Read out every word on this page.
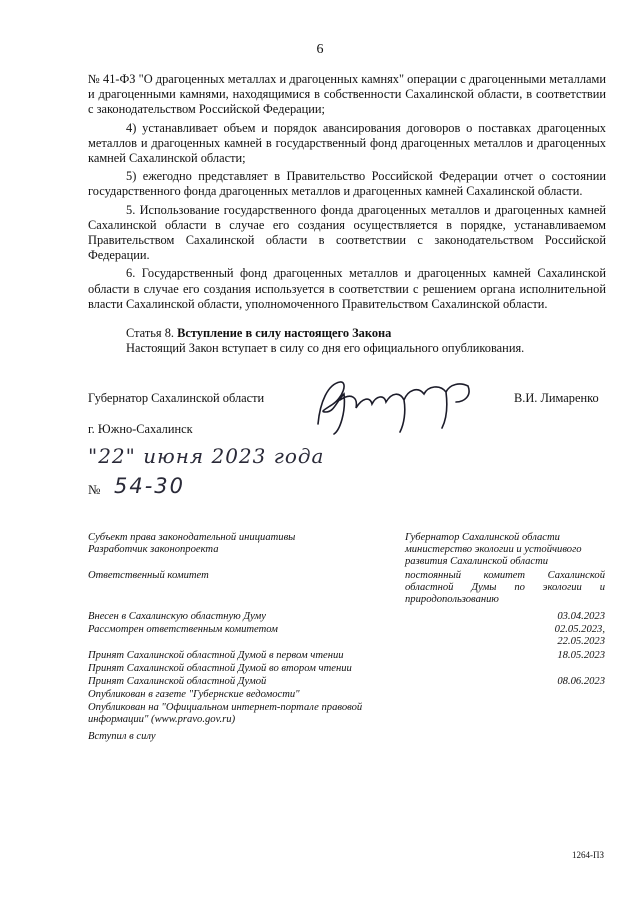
6

№ 41-ФЗ "О драгоценных металлах и драгоценных камнях" операции с драгоценными металлами и драгоценными камнями, находящимися в собственности Сахалинской области, в соответствии с законодательством Российской Федерации;

4) устанавливает объем и порядок авансирования договоров о поставках драгоценных металлов и драгоценных камней в государственный фонд драгоценных металлов и драгоценных камней Сахалинской области;

5) ежегодно представляет в Правительство Российской Федерации отчет о состоянии государственного фонда драгоценных металлов и драгоценных камней Сахалинской области.

5. Использование государственного фонда драгоценных металлов и драгоценных камней Сахалинской области в случае его создания осуществляется в порядке, устанавливаемом Правительством Сахалинской области в соответствии с законодательством Российской Федерации.

6. Государственный фонд драгоценных металлов и драгоценных камней Сахалинской области в случае его создания используется в соответствии с решением органа исполнительной власти Сахалинской области, уполномоченного Правительством Сахалинской области.

Статья 8. Вступление в силу настоящего Закона

Настоящий Закон вступает в силу со дня его официального опубликования.

Губернатор Сахалинской области	В.И. Лимаренко
г. Южно-Сахалинск
"22" июня 2023 года
№ 54-30
Субъект права законодательной инициативы	Губернатор Сахалинской области
Разработчик законопроекта	министерство экологии и устойчивого развития Сахалинской области
Ответственный комитет	постоянный комитет Сахалинской областной Думы по экологии и природопользованию
Внесен в Сахалинскую областную Думу	03.04.2023
Рассмотрен ответственным комитетом	02.05.2023, 22.05.2023
Принят Сахалинской областной Думой в первом чтении	18.05.2023
Принят Сахалинской областной Думой во втором чтении
Принят Сахалинской областной Думой	08.06.2023
Опубликован в газете "Губернские ведомости"
Опубликован на "Официальном интернет-портале правовой информации" (www.pravo.gov.ru)
Вступил в силу
1264-ПЗ
